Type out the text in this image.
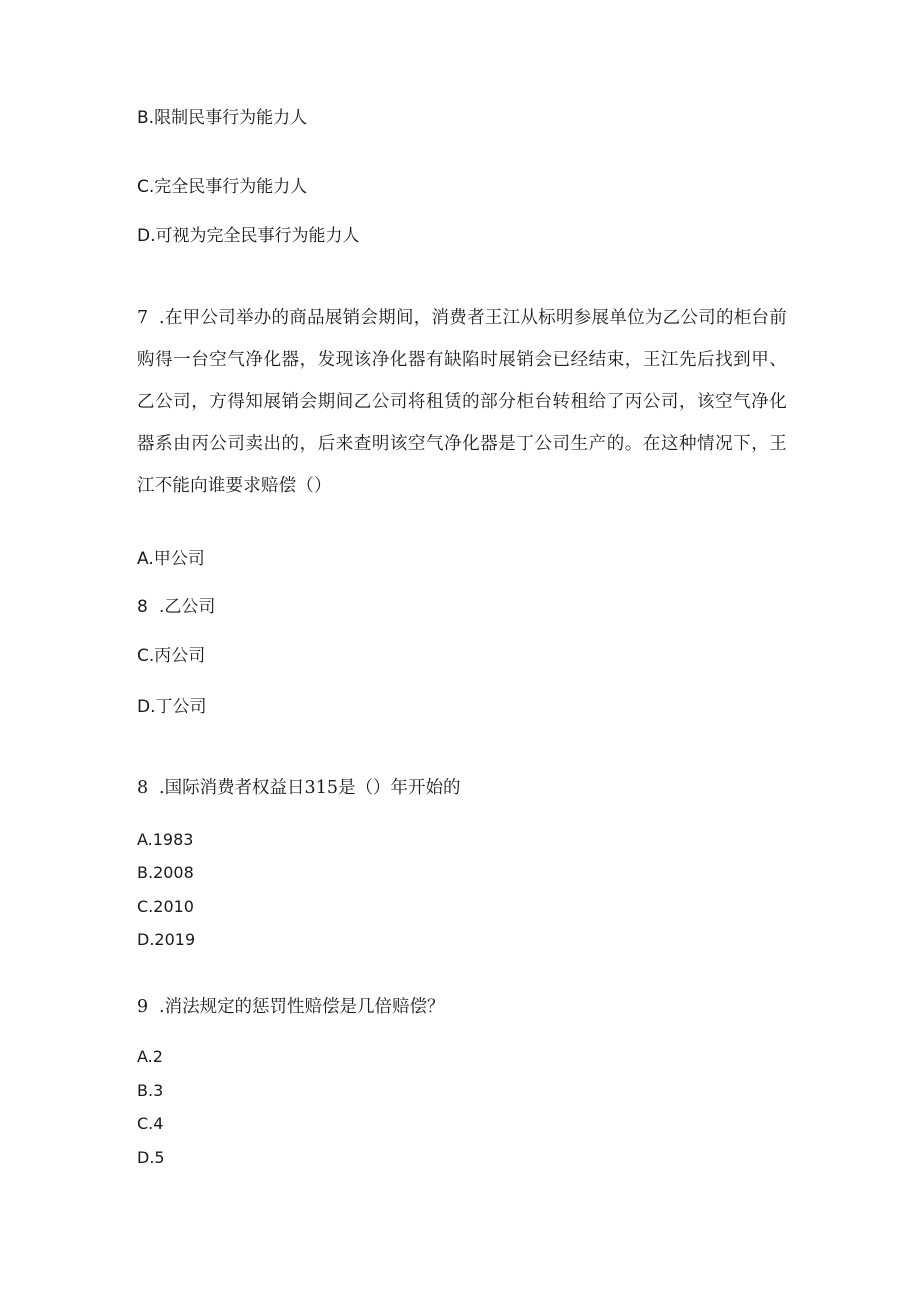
B.限制民事行为能力人
C.完全民事行为能力人
D.可视为完全民事行为能力人
7 .在甲公司举办的商品展销会期间，消费者王江从标明参展单位为乙公司的柜台前购得一台空气净化器，发现该净化器有缺陷时展销会已经结束，王江先后找到甲、乙公司，方得知展销会期间乙公司将租赁的部分柜台转租给了丙公司，该空气净化器系由丙公司卖出的，后来查明该空气净化器是丁公司生产的。在这种情况下，王江不能向谁要求赔偿（）
A.甲公司
8 .乙公司
C.丙公司
D.丁公司
8 .国际消费者权益日315是（）年开始的
A.1983
B.2008
C.2010
D.2019
9 .消法规定的惩罚性赔偿是几倍赔偿？
A.2
B.3
C.4
D.5
